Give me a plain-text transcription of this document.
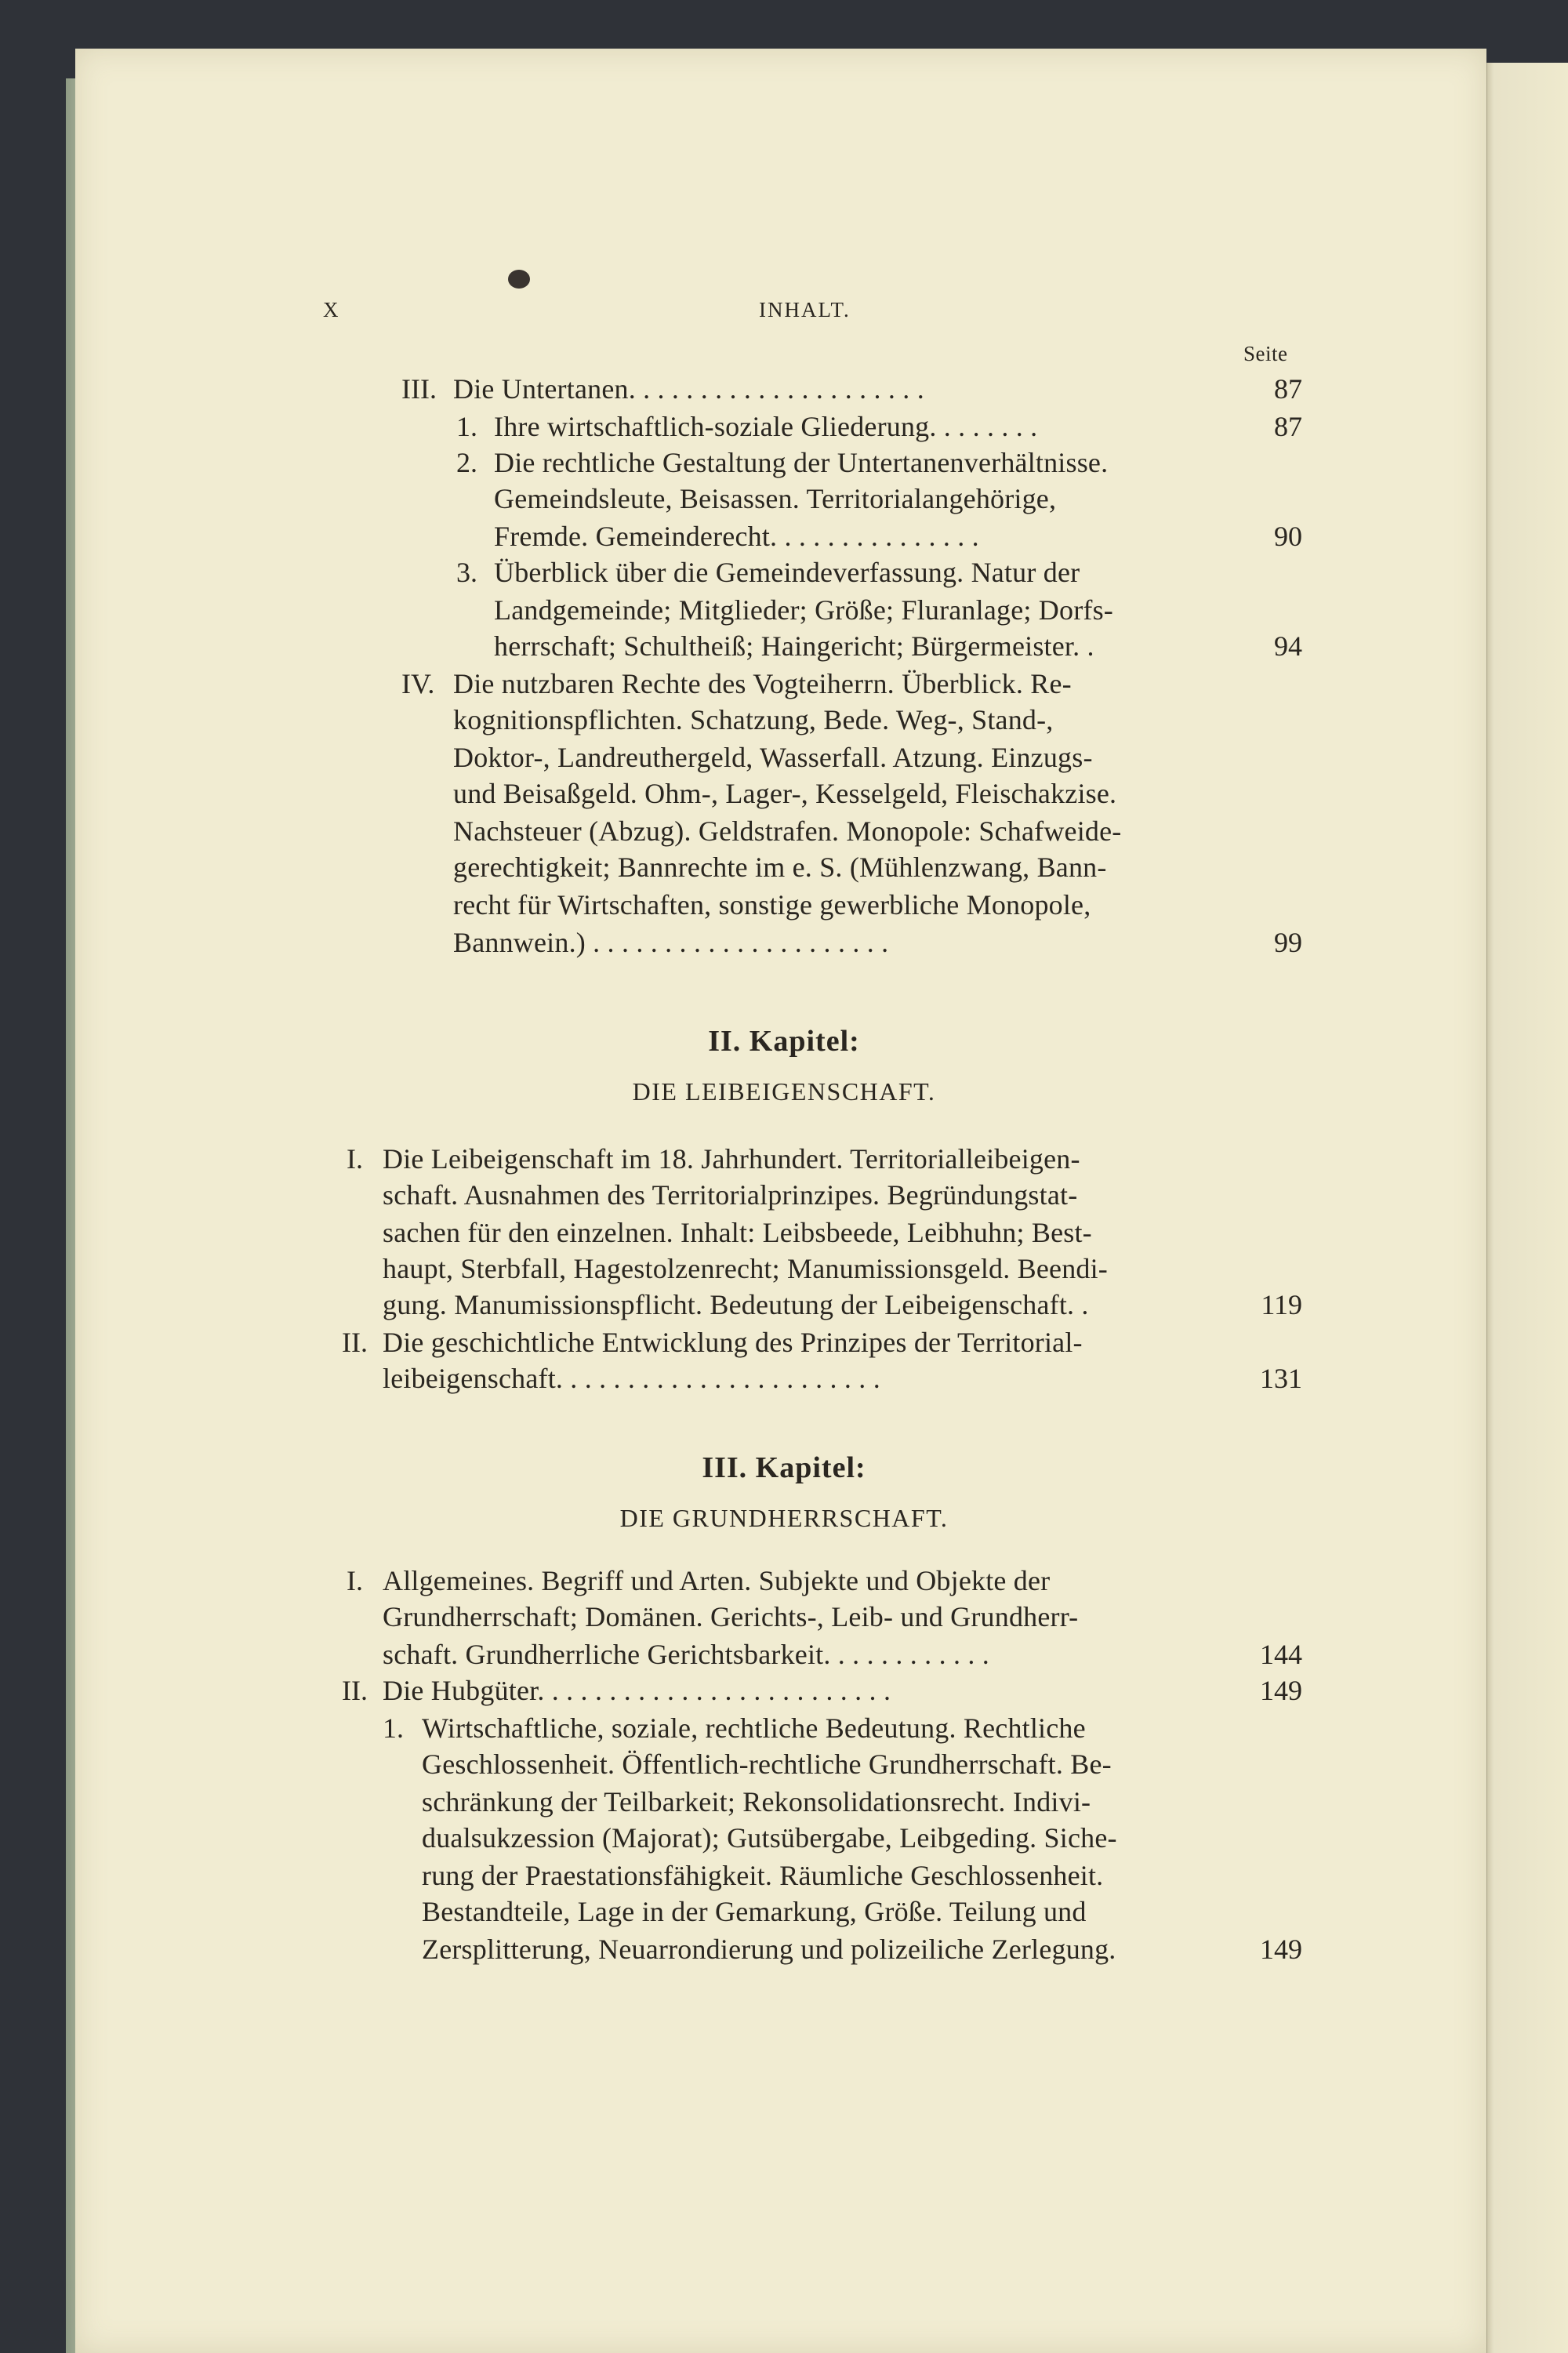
X	INHALT.
Seite
III. Die Untertanen. . . . . . . . . . . . . . . . . . . . .	87
1. Ihre wirtschaftlich-soziale Gliederung. . . . . . . .	87
2. Die rechtliche Gestaltung der Untertanenverhältnisse.
Gemeindsleute, Beisassen. Territorialangehörige,
Fremde. Gemeinderecht. . . . . . . . . . . . . . .	90
3. Überblick über die Gemeindeverfassung. Natur der
Landgemeinde; Mitglieder; Größe; Fluranlage; Dorfs-
herrschaft; Schultheiß; Haingericht; Bürgermeister. .	94
IV. Die nutzbaren Rechte des Vogteiherrn. Überblick. Re-
kognitionspflichten. Schatzung, Bede. Weg-, Stand-,
Doktor-, Landreuthergeld, Wasserfall. Atzung. Einzugs-
und Beisaßgeld. Ohm-, Lager-, Kesselgeld, Fleischakzise.
Nachsteuer (Abzug). Geldstrafen. Monopole: Schafweide-
gerechtigkeit; Bannrechte im e. S. (Mühlenzwang, Bann-
recht für Wirtschaften, sonstige gewerbliche Monopole,
Bannwein.) . . . . . . . . . . . . . . . . . . . . .	99
II. Kapitel:
DIE LEIBEIGENSCHAFT.
I. Die Leibeigenschaft im 18. Jahrhundert. Territorialleibeigen-
schaft. Ausnahmen des Territorialprinzipes. Begründungstat-
sachen für den einzelnen. Inhalt: Leibsbeede, Leibhuhn; Best-
haupt, Sterbfall, Hagestolzenrecht; Manumissionsgeld. Beendi-
gung. Manumissionspflicht. Bedeutung der Leibeigenschaft. .	119
II. Die geschichtliche Entwicklung des Prinzipes der Territorial-
leibeigenschaft. . . . . . . . . . . . . . . . . . . . . . .	131
III. Kapitel:
DIE GRUNDHERRSCHAFT.
I. Allgemeines. Begriff und Arten. Subjekte und Objekte der
Grundherrschaft; Domänen. Gerichts-, Leib- und Grundherr-
schaft. Grundherrliche Gerichtsbarkeit. . . . . . . . . . . .	144
II. Die Hubgüter. . . . . . . . . . . . . . . . . . . . . . . . .	149
1. Wirtschaftliche, soziale, rechtliche Bedeutung. Rechtliche
Geschlossenheit. Öffentlich-rechtliche Grundherrschaft. Be-
schränkung der Teilbarkeit; Rekonsolidationsrecht. Indivi-
dualsukzession (Majorat); Gutsübergabe, Leibgeding. Siche-
rung der Praestationsfähigkeit. Räumliche Geschlossenheit.
Bestandteile, Lage in der Gemarkung, Größe. Teilung und
Zersplitterung, Neuarrondierung und polizeiliche Zerlegung.	149
